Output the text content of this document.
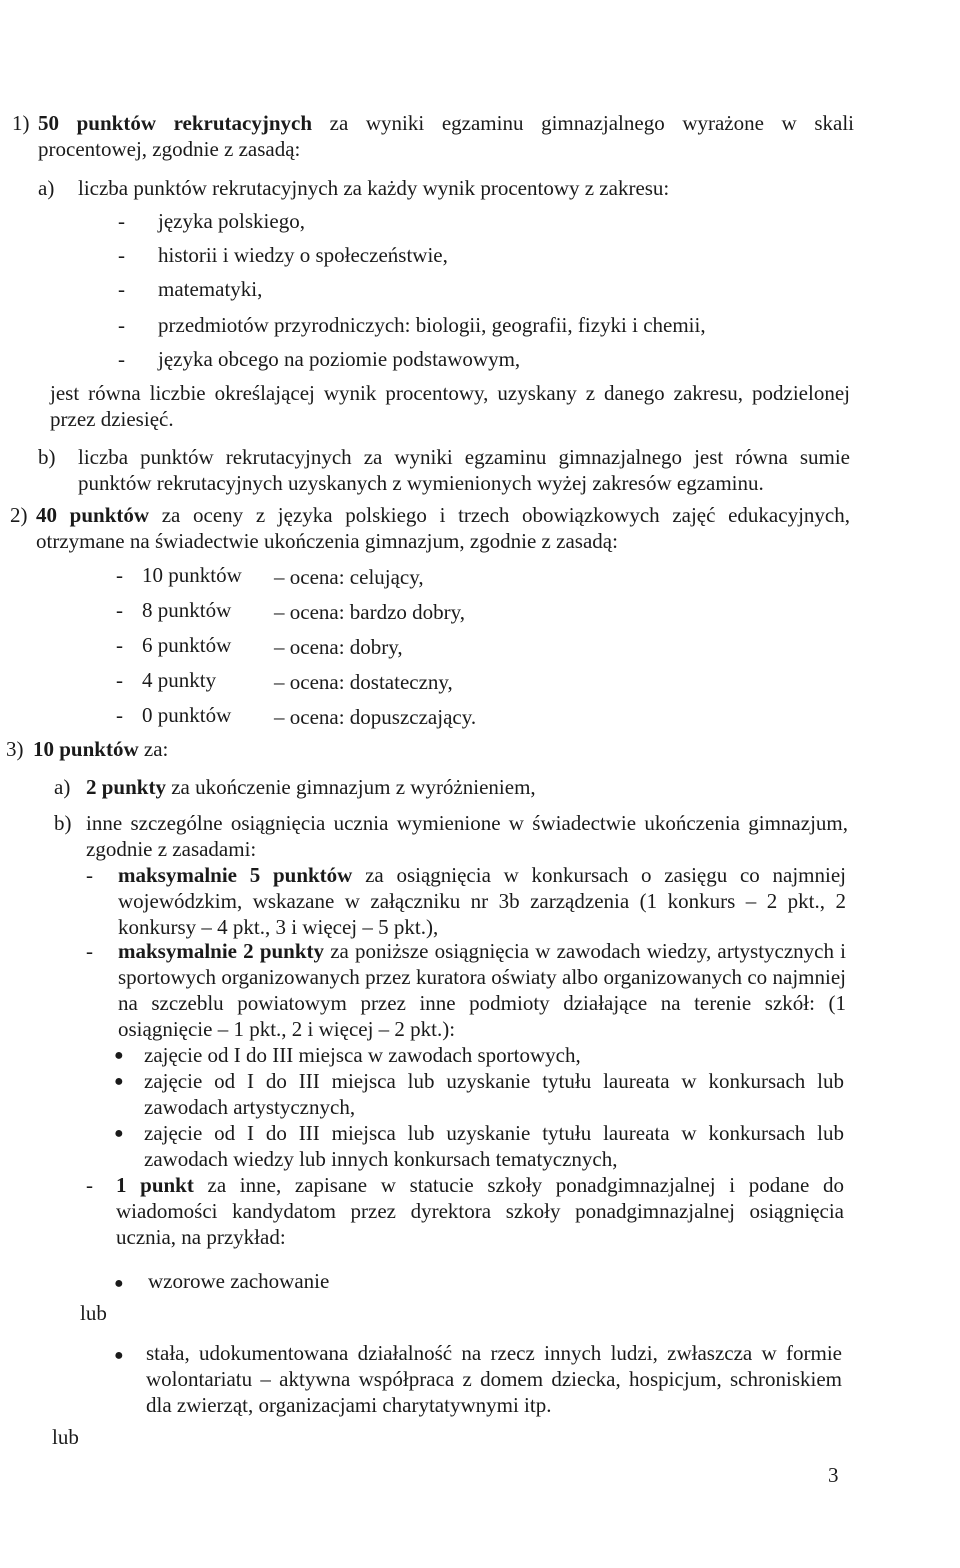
1) 50 punktów rekrutacyjnych za wyniki egzaminu gimnazjalnego wyrażone w skali procentowej, zgodnie z zasadą:
a) liczba punktów rekrutacyjnych za każdy wynik procentowy z zakresu:
- języka polskiego,
- historii i wiedzy o społeczeństwie,
- matematyki,
- przedmiotów przyrodniczych: biologii, geografii, fizyki i chemii,
- języka obcego na poziomie podstawowym,
jest równa liczbie określającej wynik procentowy, uzyskany z danego zakresu, podzielonej przez dziesięć.
b) liczba punktów rekrutacyjnych za wyniki egzaminu gimnazjalnego jest równa sumie punktów rekrutacyjnych uzyskanych z wymienionych wyżej zakresów egzaminu.
2) 40 punktów za oceny z języka polskiego i trzech obowiązkowych zajęć edukacyjnych, otrzymane na świadectwie ukończenia gimnazjum, zgodnie z zasadą:
- 10 punktów – ocena: celujący,
- 8 punktów – ocena: bardzo dobry,
- 6 punktów – ocena: dobry,
- 4 punkty	– ocena: dostateczny,
- 0 punktów – ocena: dopuszczający.
3) 10 punktów za:
a) 2 punkty za ukończenie gimnazjum z wyróżnieniem,
b) inne szczególne osiągnięcia ucznia wymienione w świadectwie ukończenia gimnazjum, zgodnie z zasadami:
- maksymalnie 5 punktów za osiągnięcia w konkursach o zasięgu co najmniej wojewódzkim, wskazane w załączniku nr 3b zarządzenia (1 konkurs – 2 pkt., 2 konkursy – 4 pkt., 3 i więcej – 5 pkt.),
- maksymalnie 2 punkty za poniższe osiągnięcia w zawodach wiedzy, artystycznych i sportowych organizowanych przez kuratora oświaty albo organizowanych co najmniej na szczeblu powiatowym przez inne podmioty działające na terenie szkół: (1 osiągnięcie – 1 pkt., 2 i więcej – 2 pkt.):
● zajęcie od I do III miejsca w zawodach sportowych,
● zajęcie od I do III miejsca lub uzyskanie tytułu laureata w konkursach lub zawodach artystycznych,
● zajęcie od I do III miejsca lub uzyskanie tytułu laureata w konkursach lub zawodach wiedzy lub innych konkursach tematycznych,
- 1 punkt za inne, zapisane w statucie szkoły ponadgimnazjalnej i podane do wiadomości kandydatom przez dyrektora szkoły ponadgimnazjalnej osiągnięcia ucznia, na przykład:
● wzorowe zachowanie
lub
● stała, udokumentowana działalność na rzecz innych ludzi, zwłaszcza w formie wolontariatu – aktywna współpraca z domem dziecka, hospicjum, schroniskiem dla zwierząt, organizacjami charytatywnymi itp.
lub
3
